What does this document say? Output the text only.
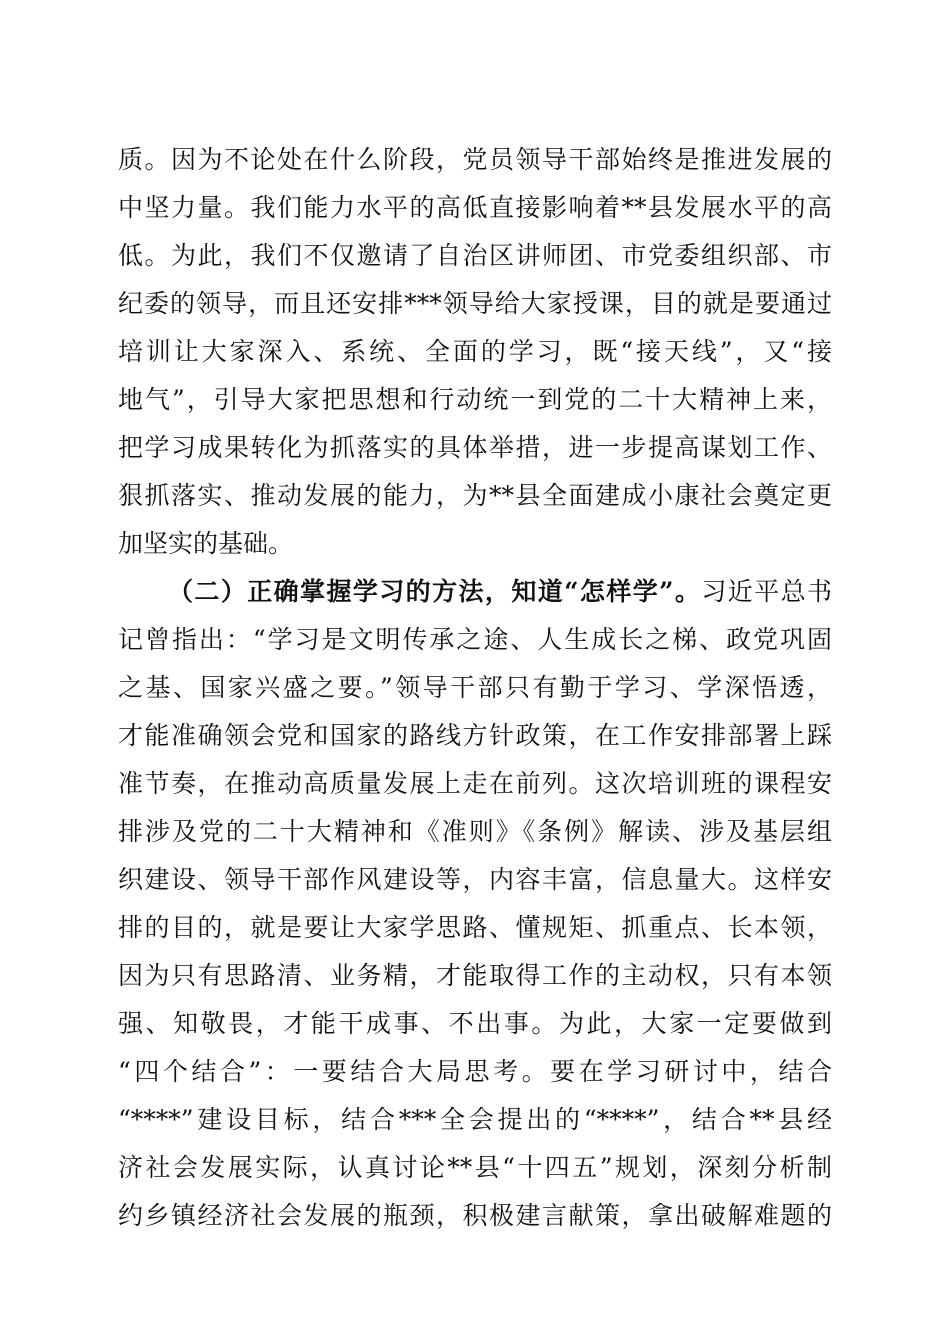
质。因为不论处在什么阶段，党员领导干部始终是推进发展的
中坚力量。我们能力水平的高低直接影响着**县发展水平的高
低。为此，我们不仅邀请了自治区讲师团、市党委组织部、市
纪委的领导，而且还安排***领导给大家授课，目的就是要通过
培训让大家深入、系统、全面的学习，既“接天线”，又“接
地气”，引导大家把思想和行动统一到党的二十大精神上来，
把学习成果转化为抓落实的具体举措，进一步提高谋划工作、
狠抓落实、推动发展的能力，为**县全面建成小康社会奠定更
加坚实的基础。
（二）正确掌握学习的方法，知道“怎样学”。习近平总书
记曾指出：“学习是文明传承之途、人生成长之梯、政党巩固
之基、国家兴盛之要。”领导干部只有勤于学习、学深悟透，
才能准确领会党和国家的路线方针政策，在工作安排部署上踩
准节奏，在推动高质量发展上走在前列。这次培训班的课程安
排涉及党的二十大精神和《准则》《条例》解读、涉及基层组
织建设、领导干部作风建设等，内容丰富，信息量大。这样安
排的目的，就是要让大家学思路、懂规矩、抓重点、长本领，
因为只有思路清、业务精，才能取得工作的主动权，只有本领
强、知敬畏，才能干成事、不出事。为此，大家一定要做到
“四个结合”：一要结合大局思考。要在学习研讨中，结合
“****”建设目标，结合***全会提出的“****”，结合**县经
济社会发展实际，认真讨论**县“十四五”规划，深刻分析制
约乡镇经济社会发展的瓶颈，积极建言献策，拿出破解难题的
